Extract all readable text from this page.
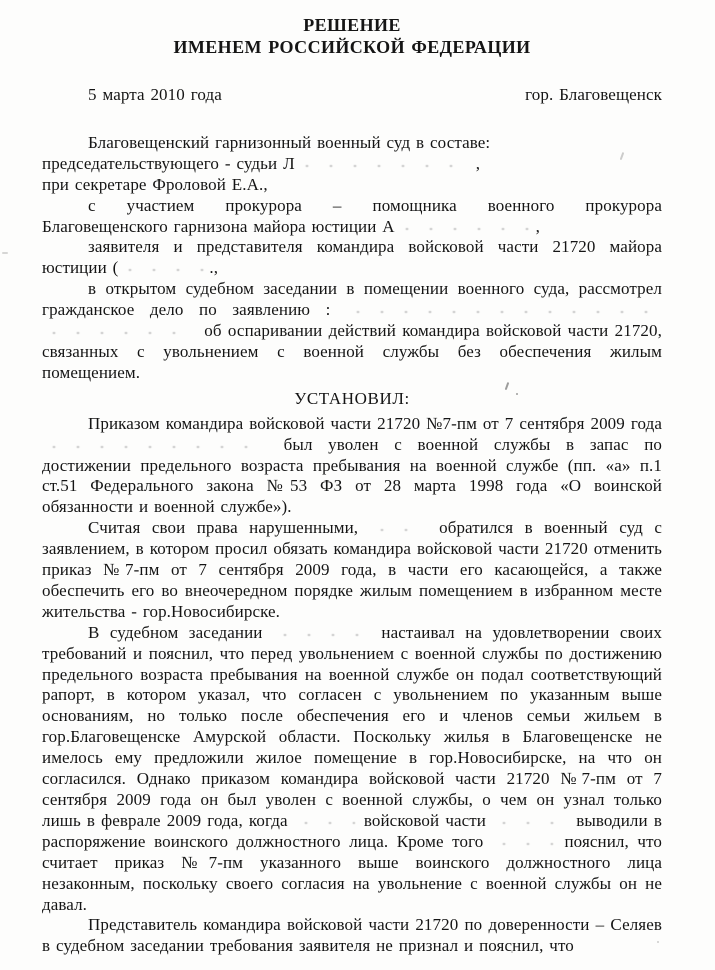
РЕШЕНИЕ
ИМЕНЕМ РОССИЙСКОЙ ФЕДЕРАЦИИ
5 марта 2010 года	гор. Благовещенск

Благовещенский гарнизонный военный суд в составе:

председательствующего - судьи Л	,

при секретаре Фроловой Е.А.,

с участием прокурора – помощника военного прокурора

Благовещенского гарнизона майора юстиции А	,

заявителя и представителя командира войсковой части 21720 майора юстиции (	.,

в открытом судебном заседании в помещении военного суда, рассмотрел гражданское дело по заявлению :   об оспаривании действий командира войсковой части 21720, связанных с увольнением с военной службы без обеспечения жилым помещением.

УСТАНОВИЛ:

Приказом командира войсковой части 21720 №7-пм от 7 сентября 2009 года  был уволен с военной службы в запас по достижении предельного возраста пребывания на военной службе (пп. «а» п.1 ст.51 Федерального закона №53 ФЗ от 28 марта 1998 года «О воинской обязанности и военной службе»).

Считая свои права нарушенными,	обратился в военный суд с заявлением, в котором просил обязать командира войсковой части 21720 отменить приказ №7-пм от 7 сентября 2009 года, в части его касающейся, а также обеспечить его во внеочередном порядке жилым помещением в избранном месте жительства - гор.Новосибирске.

В судебном заседании	настаивал на удовлетворении своих требований и пояснил, что перед увольнением с военной службы по достижению предельного возраста пребывания на военной службе он подал соответствующий рапорт, в котором указал, что согласен с увольнением по указанным выше основаниям, но только после обеспечения его и членов семьи жильем в гор.Благовещенске Амурской области. Поскольку жилья в Благовещенске не имелось ему предложили жилое помещение в гор.Новосибирске, на что он согласился. Однако приказом командира войсковой части 21720 №7-пм от 7 сентября 2009 года он был уволен с военной службы, о чем он узнал только лишь в феврале 2009 года, когда	войсковой части	выводили в распоряжение воинского должностного лица. Кроме того	пояснил, что считает приказ №7-пм указанного выше воинского должностного лица незаконным, поскольку своего согласия на увольнение с военной службы он не давал.

Представитель командира войсковой части 21720 по доверенности – Селяев в судебном заседании требования заявителя не признал и пояснил, что
